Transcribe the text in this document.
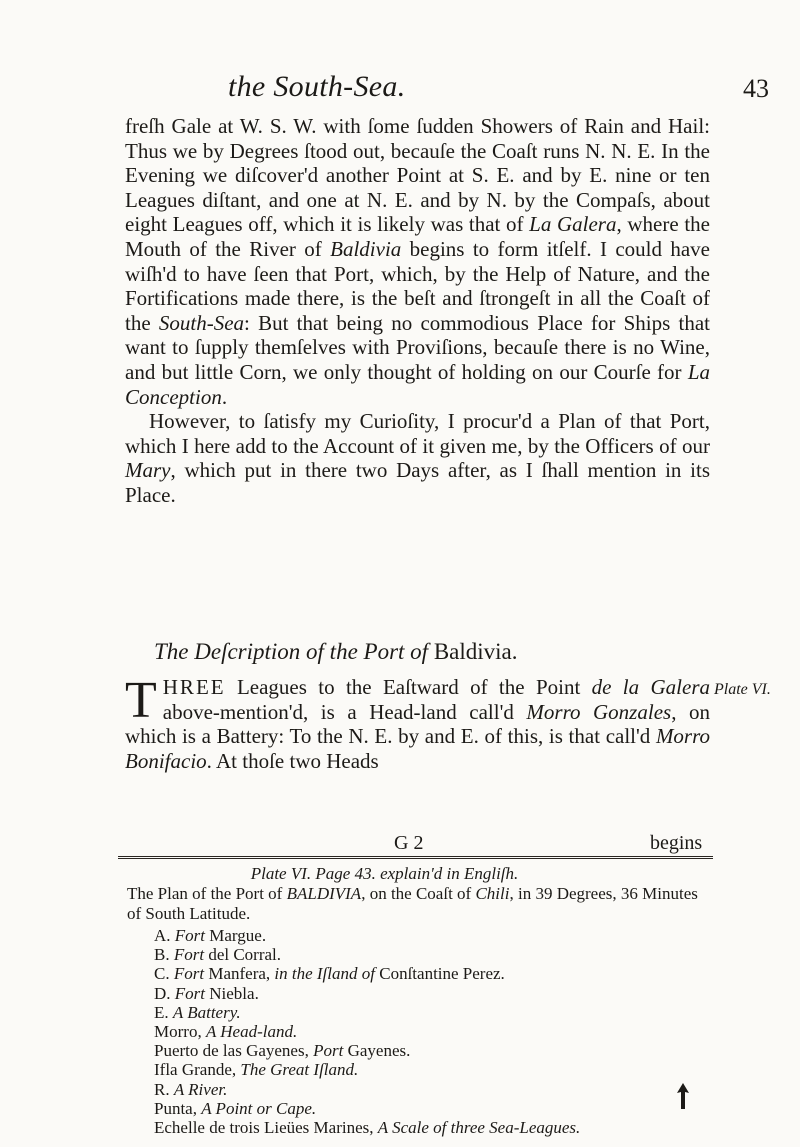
the South-Sea.	43

freſh Gale at W. S. W. with ſome ſudden Showers of Rain and Hail: Thus we by Degrees ſtood out, becauſe the Coaſt runs N. N. E. In the Evening we diſcover'd another Point at S. E. and by E. nine or ten Leagues diſtant, and one at N. E. and by N. by the Compaſs, about eight Leagues off, which it is likely was that of La Galera, where the Mouth of the River of Baldivia begins to form itſelf. I could have wiſh'd to have ſeen that Port, which, by the Help of Nature, and the Fortifications made there, is the beſt and ſtrongeſt in all the Coaſt of the South-Sea: But that being no commodious Place for Ships that want to ſupply themſelves with Proviſions, becauſe there is no Wine, and but little Corn, we only thought of holding on our Courſe for La Conception.

However, to ſatisfy my Curioſity, I procur'd a Plan of that Port, which I here add to the Account of it given me, by the Officers of our Mary, which put in there two Days after, as I ſhall mention in its Place.

The Deſcription of the Port of Baldivia.

THREE Leagues to the Eaſtward of the Point de la Galera above-mention'd, is a Head-land call'd Morro Gonzales, on which is a Battery: To the N. E. by and E. of this, is that call'd Morro Bonifacio. At thoſe two Heads

Plate VI.
G 2	begins
Plate VI. Page 43. explain'd in Engliſh.

The Plan of the Port of BALDIVIA, on the Coaſt of Chili, in 39 Degrees, 36 Minutes of South Latitude.

A. Fort Margue.
B. Fort del Corral.
C. Fort Manfera, in the Iſland of Conſtantine Perez.
D. Fort Niebla.
E. A Battery.
Morro, A Head-land.
Puerto de las Gayenes, Port Gayenes.
Ifla Grande, The Great Iſland.
R. A River.
Punta, A Point or Cape.
Echelle de trois Lieües Marines, A Scale of three Sea-Leagues.
